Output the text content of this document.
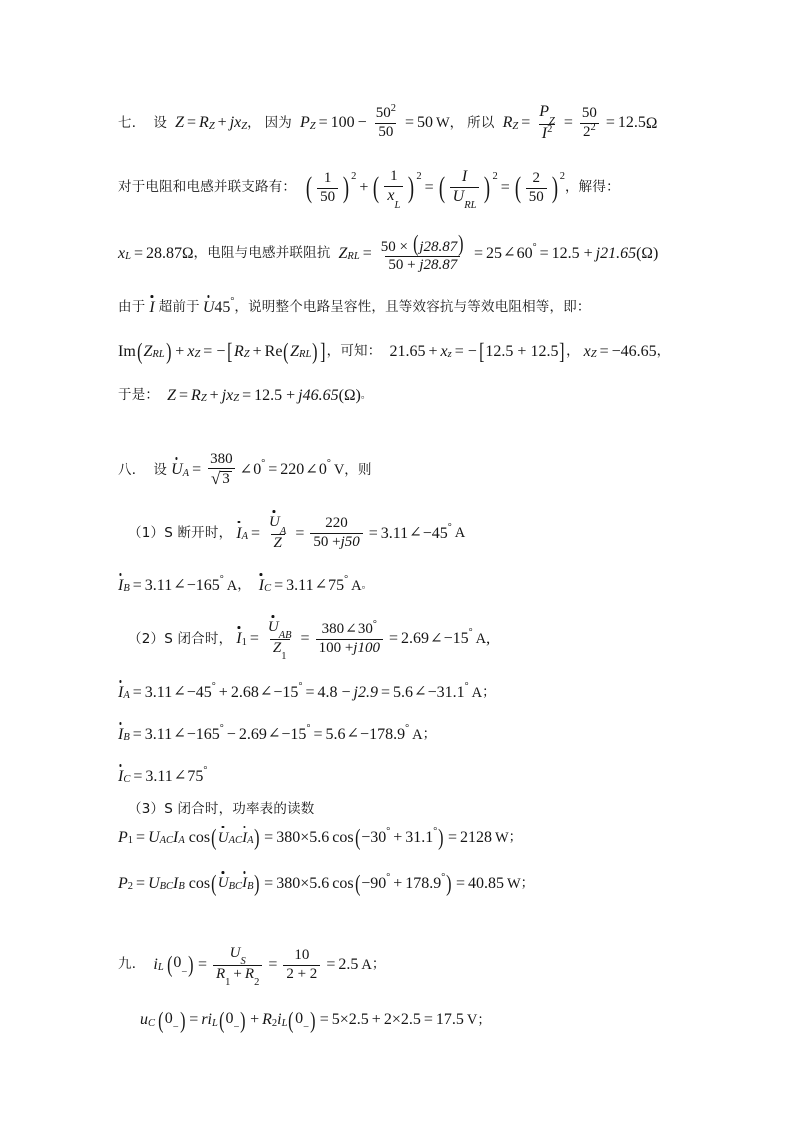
七． 设 Z = R Z + j x Z ， 因为 P $Z = 100 - \frac{50^2}{50} = 50$ W ， 所以 R $Z = \frac{P_Z}{I^2} = \frac{50}{2^2} = 12.5$ Ω
对于电阻和电感并联支路有： ( $\frac{1}{50}$ ) 2
+ ( $\frac{1}{x_L}$ ) 2
= ( $\frac{I}{U_{RL}}$ ) 2
= ( $\frac{2}{50}$ ) 2
，解得：
x L = 28.87 Ω ，电阻与电感并联阻抗 Z RL = $\frac{50 \times (j28.87)}{50 + j28.87} = 25$ ∠ 60 ° = 12.5 + j21.65 (Ω)
由于 I 超前于 U 45 ° ，说明整个电路呈容性，且等效容抗与等效电阻相等，即：
Im ( Z RL ) + x Z = − [ R Z + Re ( Z RL ) ] ，可知： 21.65 + x z = − [ 12.5 + 12.5 ] ， x Z = −46.65 ，
于是： Z = R Z + j x Z = 12.5 + j46.65 (Ω) 。
八． 设 U $A = \frac{380}{√ 3}$ ∠ 0 ° = 220 ∠ 0 ° V ，则
（1） S 断开时， I $A = \frac{U_A}{Z} = \frac{220}{50 +j50} = 3.11$ ∠ −45 ° A
I B = 3.11 ∠ −165 ° A ， I C = 3.11 ∠ 75 ° A 。
（2） S 闭合时， I $1 = \frac{U_{AB}}{Z_1} = \frac{380\angle 30^\circ}{100 +j100} = 2.69$ ∠ −15 ° A ,
I A = 3.11 ∠ −45 ° + 2.68 ∠ −15 ° = 4.8 − j2.9 = 5.6 ∠ −31.1 ° A ；
I B = 3.11 ∠ −165 ° − 2.69 ∠ −15 ° = 5.6 ∠ −178.9 ° A ；
I C = 3.11 ∠ 75 °
（3） S 闭合时，功率表的读数
P 1 = U AC I A cos ( U AC I A ) = 380 × 5.6 cos ( −30 ° + 31.1 ° ) = 2128 W ；
P 2 = U BC I B cos ( U BC I B ) = 380 × 5.6 cos ( −90 ° + 178.9 ° ) = 40.85 W ；
九． i L ( $0_-$ ) = $\frac{U_S}{R_1+ R_2} = \frac{10}{2 + 2} = 2.5$ A ；
u C ( $0_-$ ) = r i L ( $0_-$ ) + R 2 i L ( $0_-$ ) = 5×2.5 + 2×2.5 = 17.5 V ；
